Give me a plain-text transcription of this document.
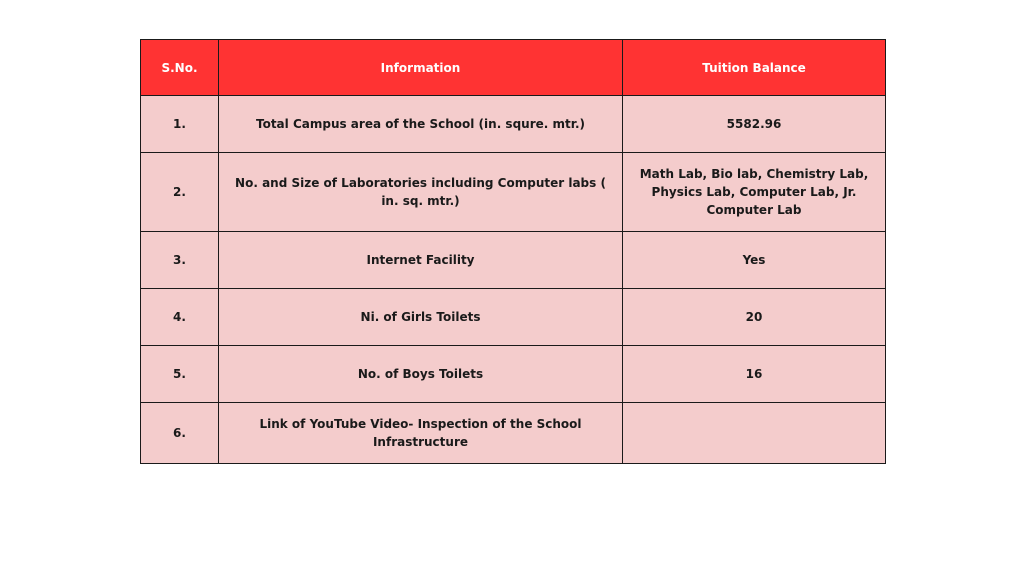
S.No.	Information	Tuition Balance
1.	Total Campus area of the School (in. squre. mtr.)	5582.96
2.	No. and Size of Laboratories including Computer labs ( in. sq. mtr.)	Math Lab, Bio lab, Chemistry Lab, Physics Lab, Computer Lab, Jr. Computer Lab
3.	Internet Facility	Yes
4.	Ni. of Girls Toilets	20
5.	No. of Boys Toilets	16
6.	Link of YouTube Video- Inspection of the School Infrastructure	
